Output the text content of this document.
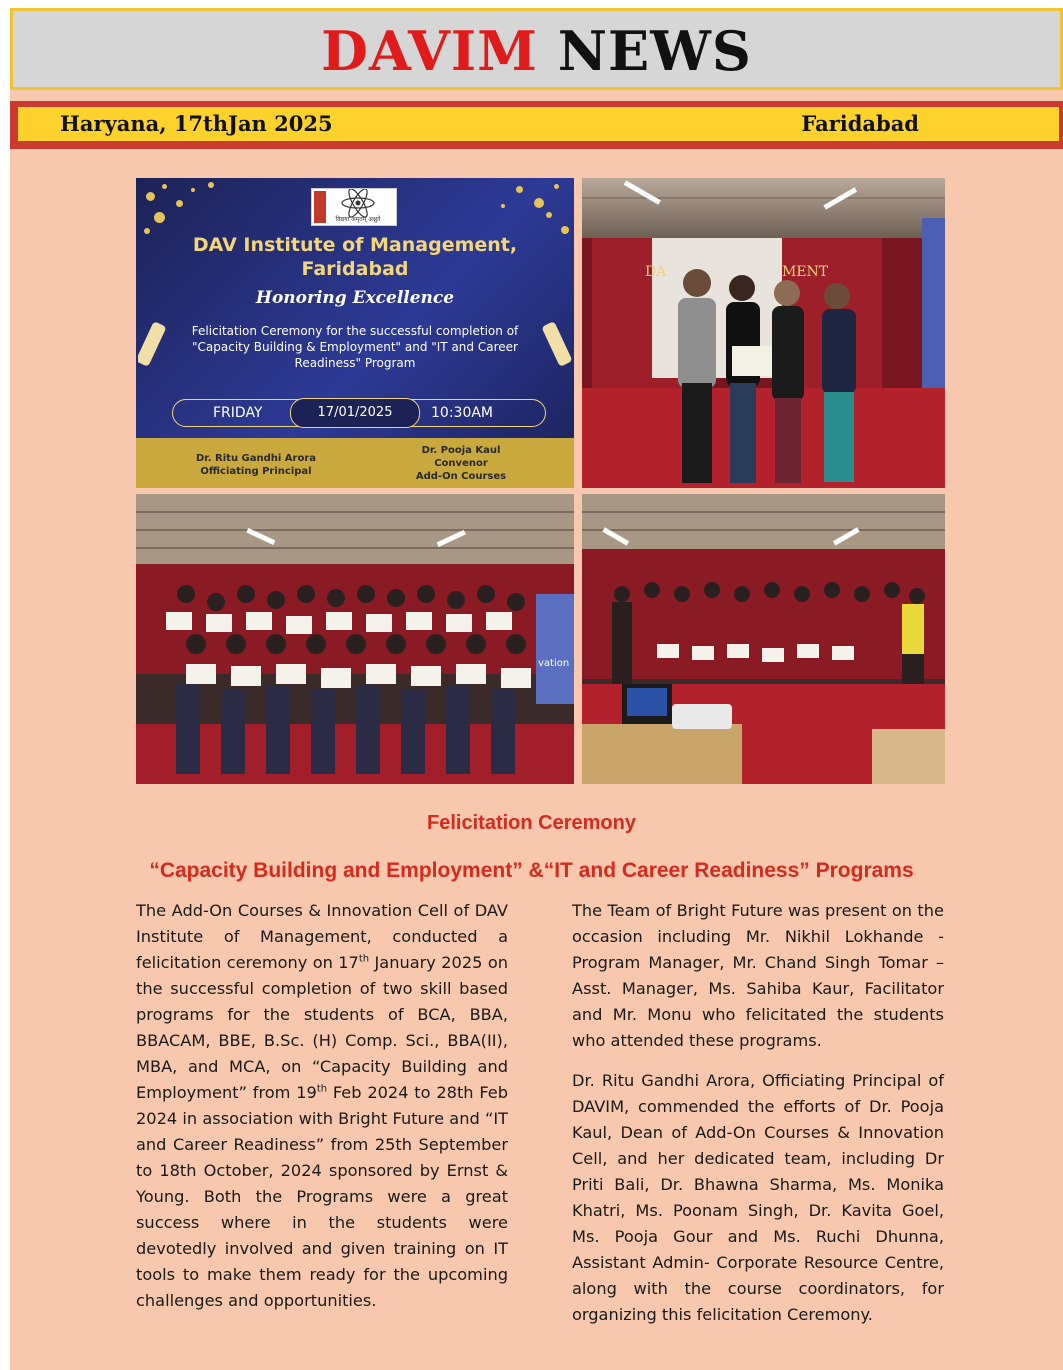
DAVIM NEWS
Haryana, 17thJan 2025	Faridabad
विद्यया अमृतम् अश्नुते
DAV Institute of Management,
Faridabad
Honoring Excellence
Felicitation Ceremony for the successful completion of "Capacity Building & Employment" and "IT and Career Readiness" Program
FRIDAY	17/01/2025	10:30AM
Dr. Ritu Gandhi Arora
Officiating Principal
Dr. Pooja Kaul
Convenor
Add-On Courses
DA	MENT
vation
Felicitation Ceremony
“Capacity Building and Employment” &“IT and Career Readiness” Programs

The Add-On Courses & Innovation Cell of DAV Institute of Management, conducted a felicitation ceremony on 17th January 2025 on the successful completion of two skill based programs for the students of BCA, BBA, BBACAM, BBE, B.Sc. (H) Comp. Sci., BBA(II), MBA, and MCA, on “Capacity Building and Employment” from 19th Feb 2024 to 28th Feb 2024 in association with Bright Future and “IT and Career Readiness” from 25th September to 18th October, 2024 sponsored by Ernst & Young. Both the Programs were a great success where in the students were devotedly involved and given training on IT tools to make them ready for the upcoming challenges and opportunities.

The Team of Bright Future was present on the occasion including Mr. Nikhil Lokhande - Program Manager, Mr. Chand Singh Tomar – Asst. Manager, Ms. Sahiba Kaur, Facilitator and Mr. Monu who felicitated the students who attended these programs.

Dr. Ritu Gandhi Arora, Officiating Principal of DAVIM, commended the efforts of Dr. Pooja Kaul, Dean of Add-On Courses & Innovation Cell, and her dedicated team, including Dr Priti Bali, Dr. Bhawna Sharma, Ms. Monika Khatri, Ms. Poonam Singh, Dr. Kavita Goel, Ms. Pooja Gour and Ms. Ruchi Dhunna, Assistant Admin- Corporate Resource Centre, along with the course coordinators, for organizing this felicitation Ceremony.
